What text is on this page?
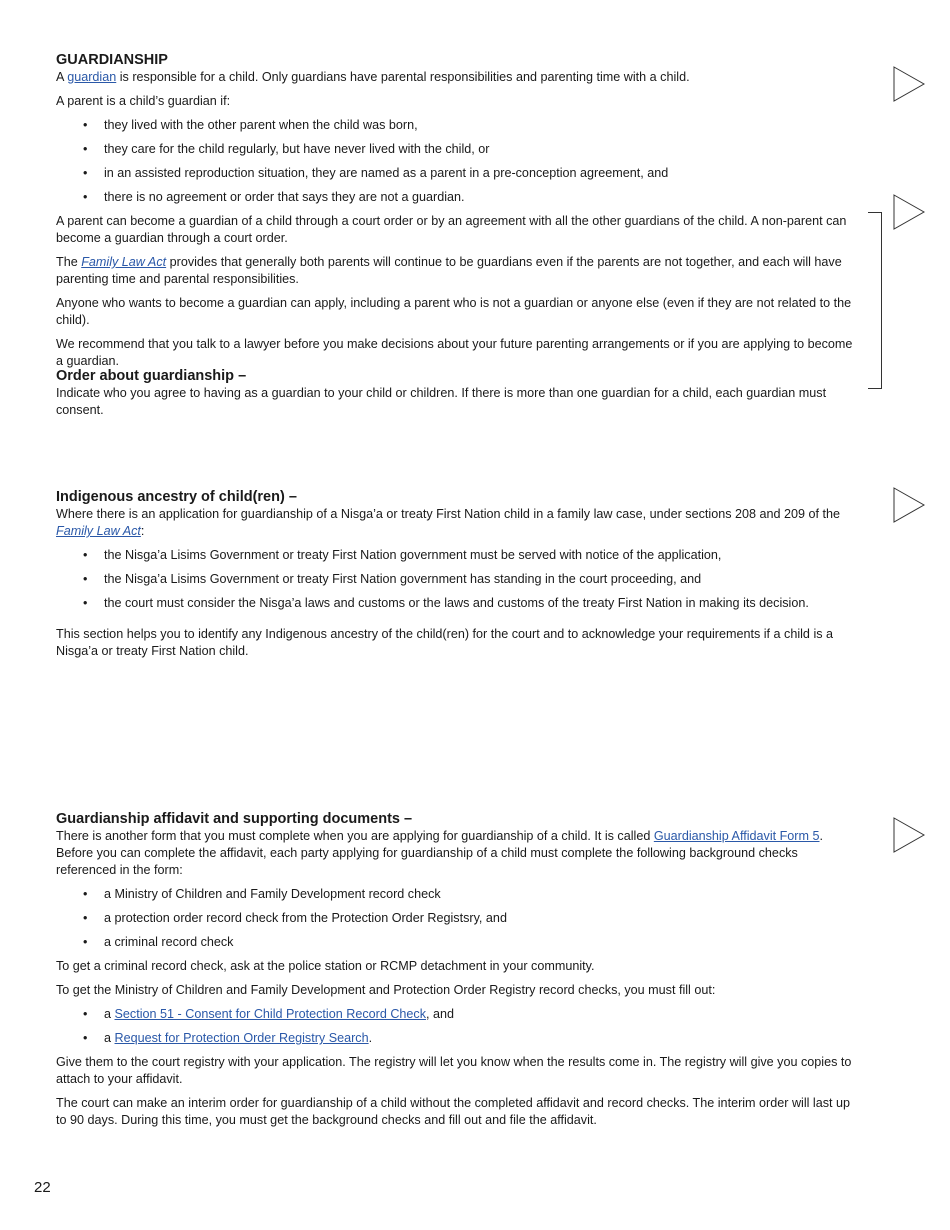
GUARDIANSHIP

A guardian is responsible for a child. Only guardians have parental responsibilities and parenting time with a child.

A parent is a child’s guardian if:

• they lived with the other parent when the child was born,
• they care for the child regularly, but have never lived with the child, or
• in an assisted reproduction situation, they are named as a parent in a pre-conception agreement, and
• there is no agreement or order that says they are not a guardian.

A parent can become a guardian of a child through a court order or by an agreement with all the other guardians of the child. A non-parent can become a guardian through a court order.

The Family Law Act provides that generally both parents will continue to be guardians even if the parents are not together, and each will have parenting time and parental responsibilities.

Anyone who wants to become a guardian can apply, including a parent who is not a guardian or anyone else (even if they are not related to the child).

We recommend that you talk to a lawyer before you make decisions about your future parenting arrangements or if you are applying to become a guardian.

Order about guardianship –

Indicate who you agree to having as a guardian to your child or children. If there is more than one guardian for a child, each guardian must consent.

Indigenous ancestry of child(ren) –

Where there is an application for guardianship of a Nisga’a or treaty First Nation child in a family law case, under sections 208 and 209 of the Family Law Act:

• the Nisga’a Lisims Government or treaty First Nation government must be served with notice of the application,
• the Nisga’a Lisims Government or treaty First Nation government has standing in the court proceeding, and
• the court must consider the Nisga’a laws and customs or the laws and customs of the treaty First Nation in making its decision.

This section helps you to identify any Indigenous ancestry of the child(ren) for the court and to acknowledge your requirements if a child is a Nisga’a or treaty First Nation child.

Guardianship affidavit and supporting documents –

There is another form that you must complete when you are applying for guardianship of a child. It is called Guardianship Affidavit Form 5. Before you can complete the affidavit, each party applying for guardianship of a child must complete the following background checks referenced in the form:

• a Ministry of Children and Family Development record check
• a protection order record check from the Protection Order Regists​ry, and
• a criminal record check

To get a criminal record check, ask at the police station or RCMP detachment in your community.

To get the Ministry of Children and Family Development and Protection Order Registry record checks, you must fill out:

• a Section 51 - Consent for Child Protection Record Check, and
• a Request for Protection Order Registry Search.

Give them to the court registry with your application. The registry will let you know when the results come in. The registry will give you copies to attach to your affidavit.

The court can make an interim order for guardianship of a child without the completed affidavit and record checks. The interim order will last up to 90 days. During this time, you must get the background checks and fill out and file the affidavit.

22
